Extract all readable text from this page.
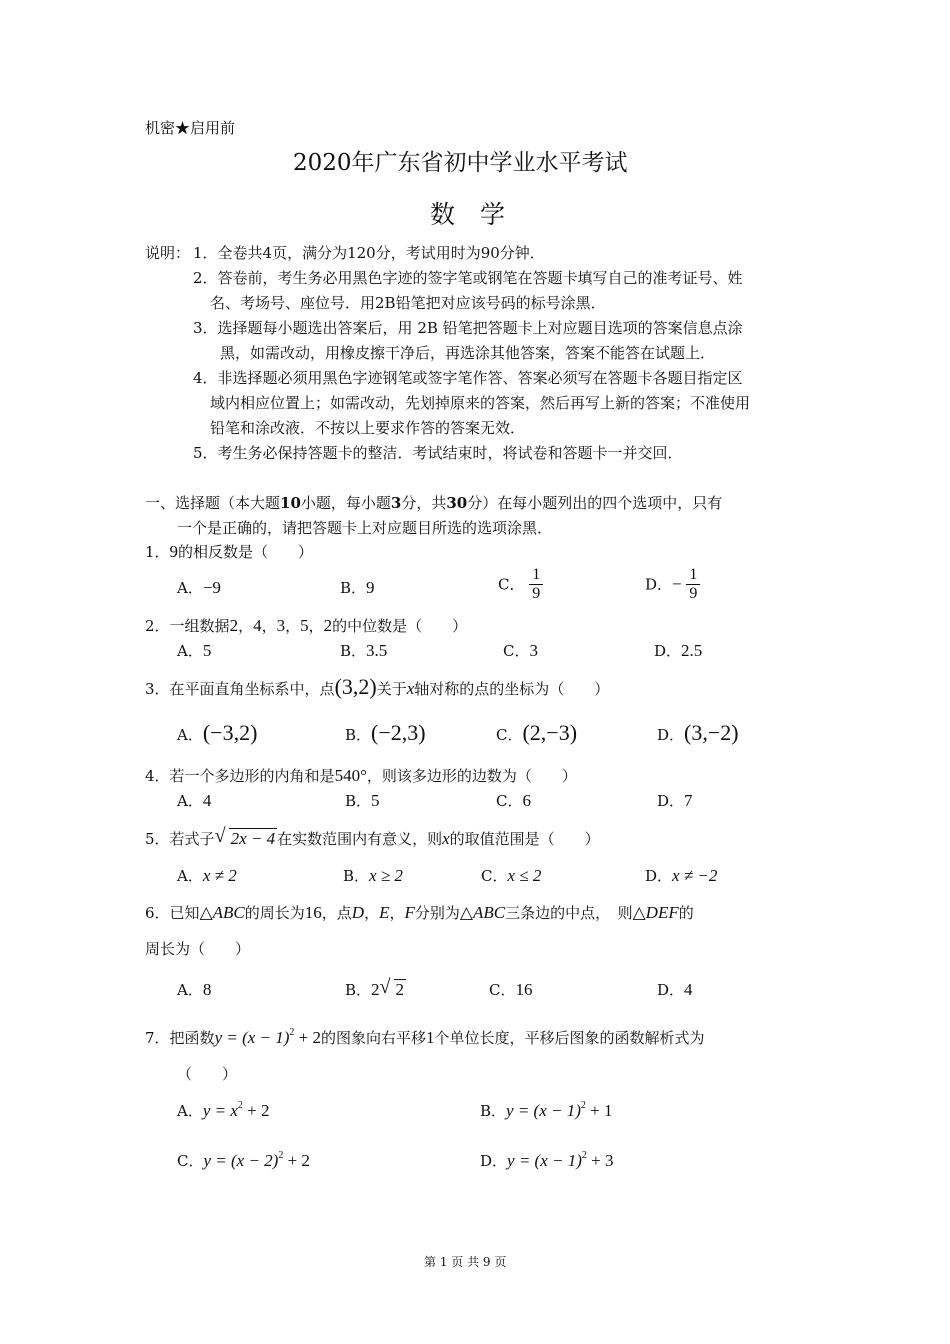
机密★启用前
2020年广东省初中学业水平考试
数　学
说明： 1．全卷共4页，满分为120分，考试用时为90分钟．
2．答卷前，考生务必用黑色字迹的签字笔或钢笔在答题卡填写自己的准考证号、姓
名、考场号、座位号．用2B铅笔把对应该号码的标号涂黑．
3．选择题每小题选出答案后，用 2B 铅笔把答题卡上对应题目选项的答案信息点涂
黑，如需改动，用橡皮擦干净后，再选涂其他答案，答案不能答在试题上．
4．非选择题必须用黑色字迹钢笔或签字笔作答、答案必须写在答题卡各题目指定区
域内相应位置上；如需改动，先划掉原来的答案，然后再写上新的答案；不准使用
铅笔和涂改液．不按以上要求作答的答案无效．
5．考生务必保持答题卡的整洁．考试结束时，将试卷和答题卡一并交回．
一、选择题（本大题10小题，每小题3分，共30分）在每小题列出的四个选项中，只有
一个是正确的，请把答题卡上对应题目所选的选项涂黑．
1．9的相反数是（　　）
A．−9	B．9	C． $\frac{1}{9}$	D．− $\frac{1}{9}$
2．一组数据2，4，3，5，2的中位数是（　　）
A．5	B．3.5	C．3	D．2.5
3．在平面直角坐标系中，点(3,2)关于x轴对称的点的坐标为（　　）
A．(−3,2)	B．(−2,3)	C．(2,−3)	D．(3,−2)
4．若一个多边形的内角和是540°，则该多边形的边数为（　　）
A．4	B．5	C．6	D．7
5．若式子 √ 2x − 4 在实数范围内有意义，则x的取值范围是（　　）
A．x ≠ 2	B．x ≥ 2	C．x ≤ 2	D．x ≠ −2
6．已知△ABC的周长为16，点D，E，F分别为△ABC三条边的中点，　则△DEF的
周长为（　　）
A．8	B．2 √ 2	C．16	D．4
7．把函数$y = (x - 1)^2 + 2$的图象向右平移1个单位长度，平移后图象的函数解析式为
（　　）
A．$y = x^2 + 2$	B．$y = (x - 1)^2 + 1$
C．$y = (x - 2)^2 + 2$	D．$y = (x - 1)^2 + 3$
第 1 页 共 9 页
